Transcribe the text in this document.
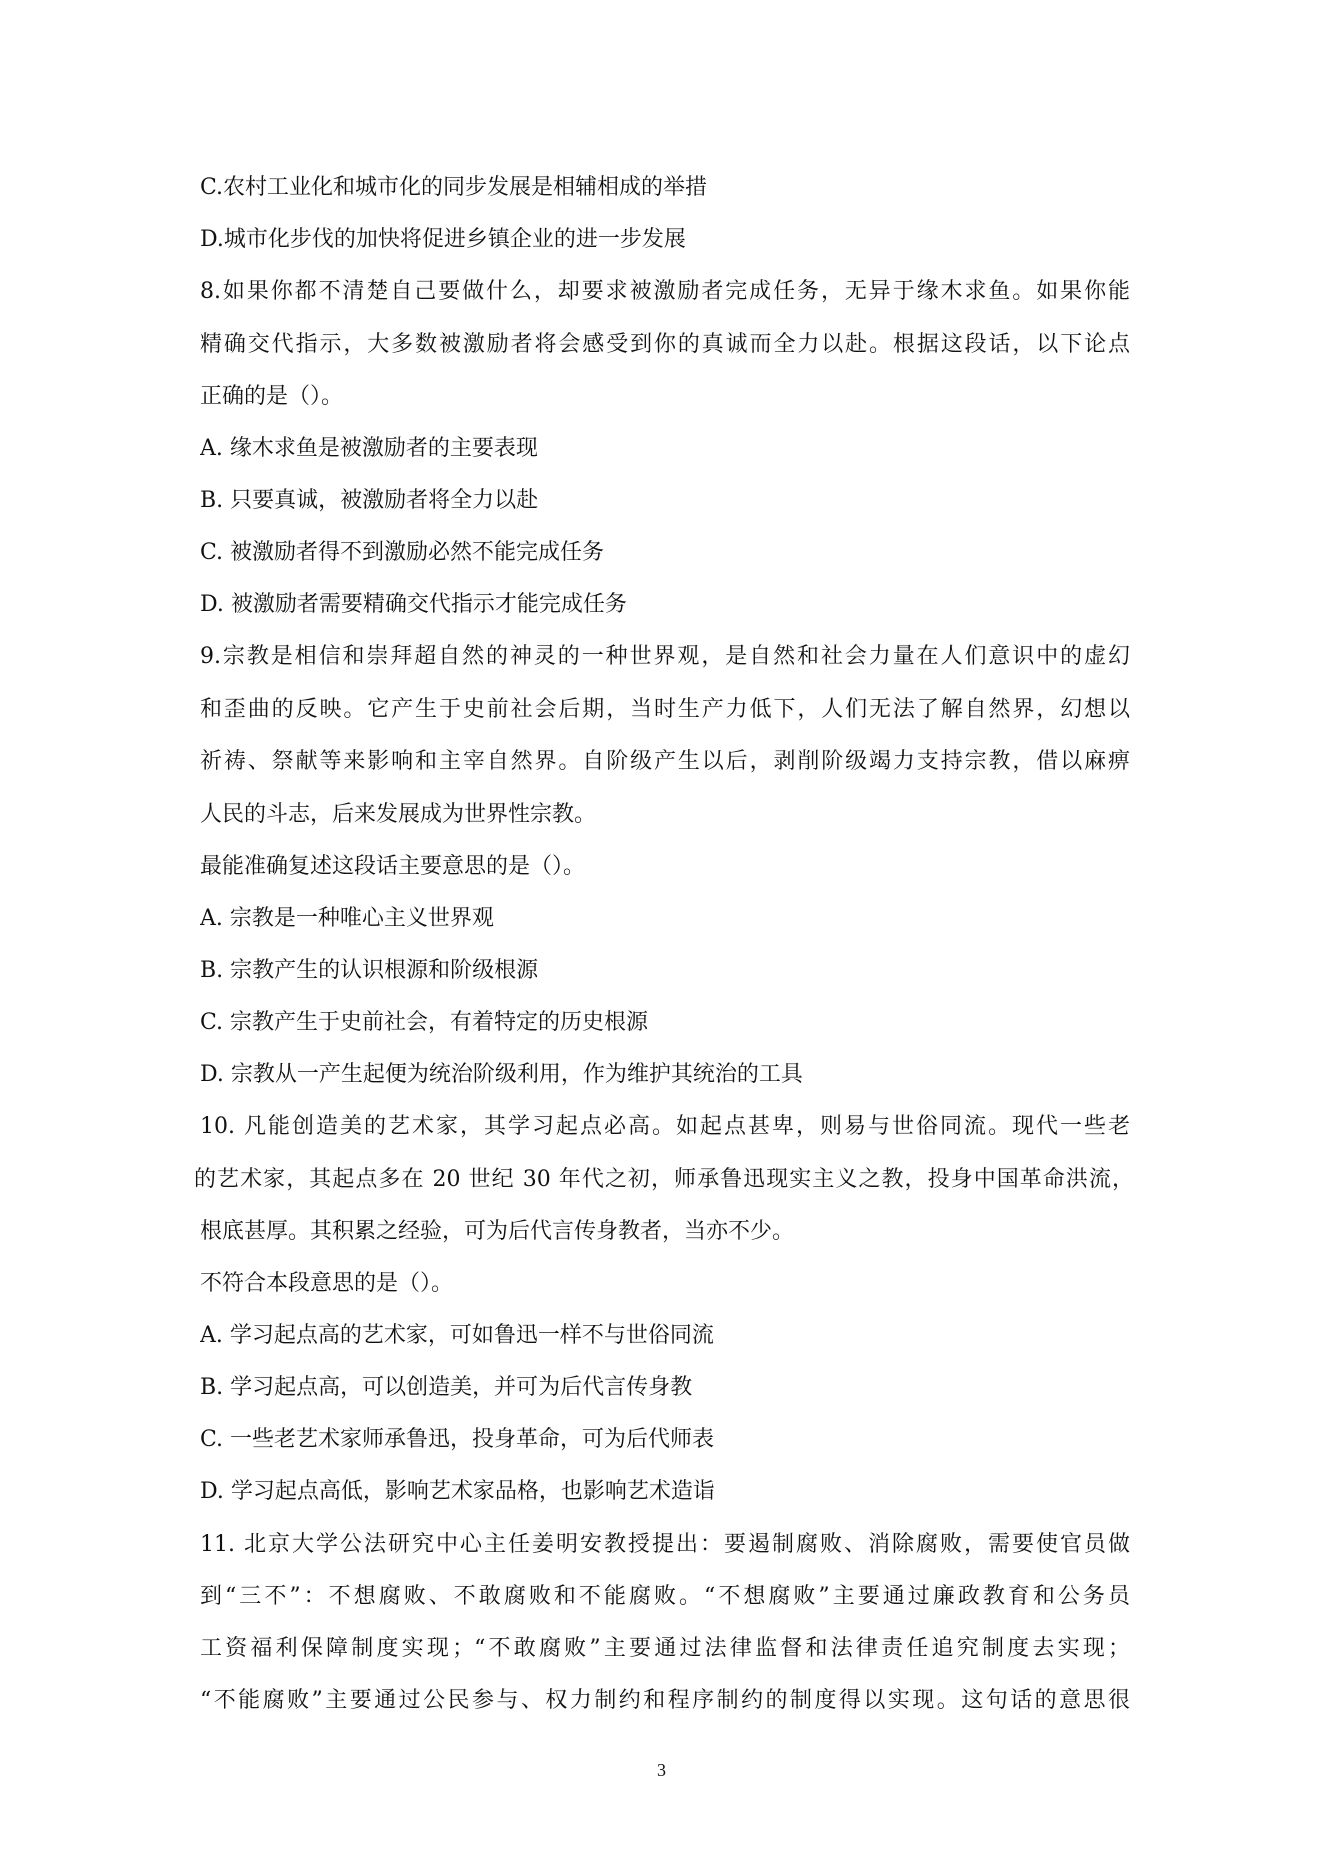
C.农村工业化和城市化的同步发展是相辅相成的举措
D.城市化步伐的加快将促进乡镇企业的进一步发展
8.如果你都不清楚自己要做什么，却要求被激励者完成任务，无异于缘木求鱼。如果你能
精确交代指示，大多数被激励者将会感受到你的真诚而全力以赴。根据这段话，以下论点
正确的是（）。
A. 缘木求鱼是被激励者的主要表现
B. 只要真诚，被激励者将全力以赴
C. 被激励者得不到激励必然不能完成任务
D. 被激励者需要精确交代指示才能完成任务
9.宗教是相信和崇拜超自然的神灵的一种世界观，是自然和社会力量在人们意识中的虚幻
和歪曲的反映。它产生于史前社会后期，当时生产力低下，人们无法了解自然界，幻想以
祈祷、祭献等来影响和主宰自然界。自阶级产生以后，剥削阶级竭力支持宗教，借以麻痹
人民的斗志，后来发展成为世界性宗教。
最能准确复述这段话主要意思的是（）。
A. 宗教是一种唯心主义世界观
B. 宗教产生的认识根源和阶级根源
C. 宗教产生于史前社会，有着特定的历史根源
D. 宗教从一产生起便为统治阶级利用，作为维护其统治的工具
10. 凡能创造美的艺术家，其学习起点必高。如起点甚卑，则易与世俗同流。现代一些老
的艺术家，其起点多在 20 世纪 30 年代之初，师承鲁迅现实主义之教，投身中国革命洪流，
根底甚厚。其积累之经验，可为后代言传身教者，当亦不少。
不符合本段意思的是（）。
A. 学习起点高的艺术家，可如鲁迅一样不与世俗同流
B. 学习起点高，可以创造美，并可为后代言传身教
C. 一些老艺术家师承鲁迅，投身革命，可为后代师表
D. 学习起点高低，影响艺术家品格，也影响艺术造诣
11. 北京大学公法研究中心主任姜明安教授提出：要遏制腐败、消除腐败，需要使官员做
到“三不”：不想腐败、不敢腐败和不能腐败。“不想腐败”主要通过廉政教育和公务员
工资福利保障制度实现；“不敢腐败”主要通过法律监督和法律责任追究制度去实现；
“不能腐败”主要通过公民参与、权力制约和程序制约的制度得以实现。这句话的意思很
3
